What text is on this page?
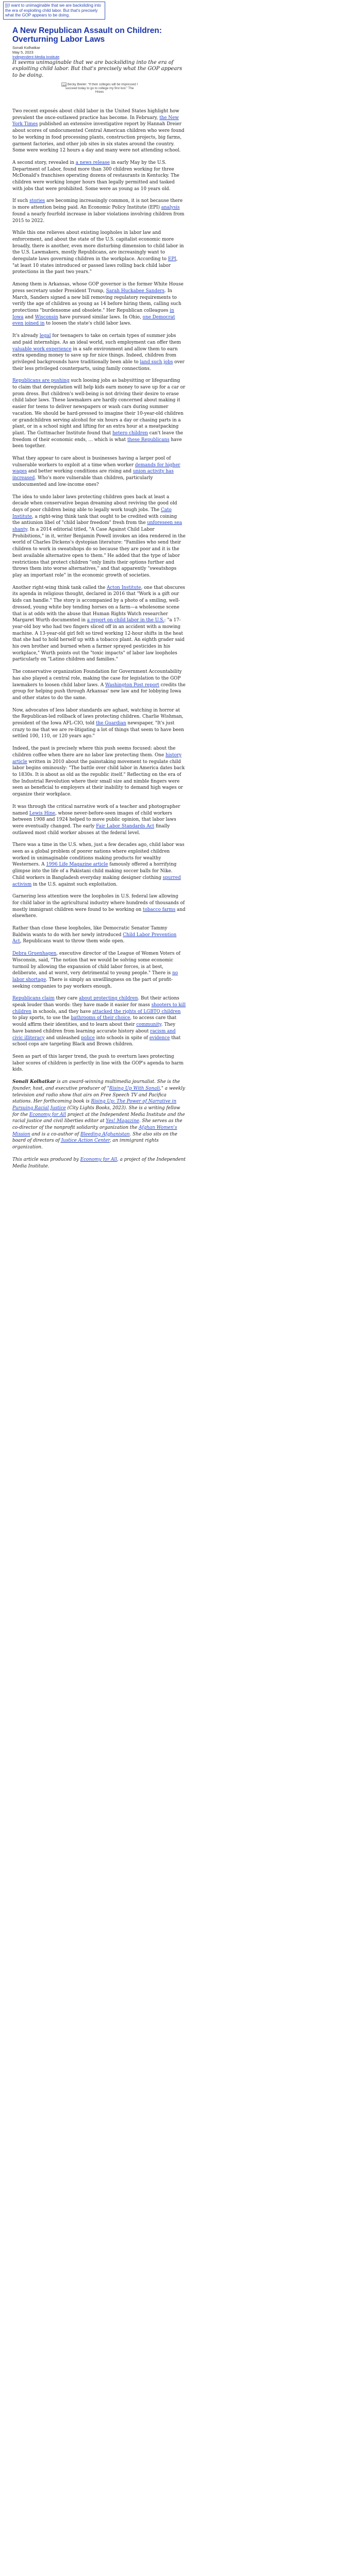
[[(I want to unimaginable that we are backsliding into the era of exploiting child labor. But that's precisely what the GOP appears to be doing.
A New Republican Assault on Children: Overturning Labor Laws
Sonali Kolhatkar
May 5, 2023
Independent Media Institute

It seems unimaginable that we are backsliding into the era of exploiting child labor. But that's precisely what the GOP appears to be doing.

Becky Beeler: “If their colleges will be impressed I succeed today to go to college my first lost.” The Hrees

Two recent exposés about child labor in the United States highlight how prevalent the once-outlawed practice has become. In February, the New York Times published an extensive investigative report by Hannah Dreier about scores of undocumented Central American children who were found to be working in food processing plants, construction projects, big farms, garment factories, and other job sites in six states around the country. Some were working 12 hours a day and many were not attending school.

A second story, revealed in a news release in early May by the U.S. Department of Labor, found more than 300 children working for three McDonald's franchises operating dozens of restaurants in Kentucky. The children were working longer hours than legally permitted and tasked with jobs that were prohibited. Some were as young as 10 years old.

If such stories are becoming increasingly common, it is not because there is more attention being paid. An Economic Policy Institute (EPI) analysis found a nearly fourfold increase in labor violations involving children from 2015 to 2022.

While this one relieves about existing loopholes in labor law and enforcement, and about the state of the U.S. capitalist economic more broadly, there is another, even more disturbing dimension to child labor in the U.S. Lawmakers, mostly Republicans, are increasingly want to deregulate laws governing children in the workplace. According to EPI, "at least 10 states introduced or passed laws rolling back child labor protections in the past two years."

Among them is Arkansas, whose GOP governor is the former White House press secretary under President Trump, Sarah Huckabee Sanders. In March, Sanders signed a new bill removing regulatory requirements to verify the age of children as young as 14 before hiring them, calling such protections "burdensome and obsolete." Her Republican colleagues in Iowa and Wisconsin have pursued similar laws. In Ohio, one Democrat even joined in to loosen the state's child labor laws.

It's already legal for teenagers to take on certain types of summer jobs and paid internships. As an ideal world, such employment can offer them valuable work experience in a safe environment and allow them to earn extra spending money to save up for nice things. Indeed, children from privileged backgrounds have traditionally been able to land such jobs over their less privileged counterparts, using family connections.

Republicans are pushing such loosing jobs as babysitting or lifeguarding to claim that deregulation will help kids earn money to save up for a car or prom dress. But children's well-being is not driving their desire to erase child labor laws. These lawmakers are hardly concerned about making it easier for teens to deliver newspapers or wash cars during summer vacation. We should be hard-pressed to imagine their 10-year-old children or grandchildren serving alcohol for six hours a day or chasing parts in a plant, or in a school night and lifting for an extra hour at a meatpacking plant. The Guttmacher Institute found that hetero children can't leave the freedom of their economic ends, ... which is what these Republicans have been together.

What they appear to care about is businesses having a larger pool of vulnerable workers to exploit at a time when worker demands for higher wages and better working conditions are rising and union activity has increased. Who's more vulnerable than children, particularly undocumented and low-income ones?

The idea to undo labor laws protecting children goes back at least a decade when conservative began dreaming about reviving the good old days of poor children being able to legally work tough jobs. The Cato Institute, a right-wing think tank that ought to be credited with coining the antiunion libel of "child labor freedom" fresh from the unforeseen sea shanty. In a 2014 editorial titled, "A Case Against Child Labor Prohibitions," in it, writer Benjamin Powell invokes an idea rendered in the world of Charles Dickens's dystopian literature: "Families who send their children to work in sweatshops do so because they are poor and it is the best available alternative open to them." He added that the type of labor restrictions that protect children "only limits their options further and throws them into worse alternatives," and that apparently "sweatshops play an important role" in the economic growth of societies.

Another right-wing think tank called the Acton Institute, one that obscures its agenda in religious thought, declared in 2016 that "Work is a gift our kids can handle." The story is accompanied by a photo of a smiling, well-dressed, young white boy tending horses on a farm—a wholesome scene that is at odds with the abuse that Human Rights Watch researcher Margaret Wurth documented in a report on child labor in the U.S.: "a 17-year-old boy who had two fingers sliced off in an accident with a mowing machine. A 13-year-old girl felt so tired working 12-hour shifts in the heat that she had to hold herself up with a tobacco plant. An eighth grader said his own brother and burned when a farmer sprayed pesticides in his workplace," Wurth points out the "toxic impacts" of labor law loopholes particularly on "Latino children and families."

The conservative organization Foundation for Government Accountability has also played a central role, making the case for legislation to the GOP lawmakers to loosen child labor laws. A Washington Post report credits the group for helping push through Arkansas' new law and for lobbying Iowa and other states to do the same.

Now, advocates of less labor standards are aghast, watching in horror at the Republican-led rollback of laws protecting children. Charlie Wishman, president of the Iowa AFL-CIO, told the Guardian newspaper, "It's just crazy to me that we are re-litigating a lot of things that seem to have been settled 100, 110, or 120 years ago."

Indeed, the past is precisely where this push seems focused: about the children coffee when there are no labor law protecting them. One history article written in 2010 about the painstaking movement to regulate child labor begins ominously: "The battle over child labor in America dates back to 1830s. It is about as old as the republic itself." Reflecting on the era of the Industrial Revolution where their small size and nimble fingers were seen as beneficial to employers at their inability to demand high wages or organize their workplace.

It was through the critical narrative work of a teacher and photographer named Lewis Hine, whose never-before-seen images of child workers between 1908 and 1924 helped to move public opinion, that labor laws were eventually changed. The early Fair Labor Standards Act finally outlawed most child worker abuses at the federal level.

There was a time in the U.S. when, just a few decades ago, child labor was seen as a global problem of poorer nations where exploited children worked in unimaginable conditions making products for wealthy Westerners. A 1996 Life Magazine article famously offered a horrifying glimpse into the life of a Pakistani child making soccer balls for Nike. Child workers in Bangladesh everyday making designer clothing spurred activism in the U.S. against such exploitation.

Garnering less attention were the loopholes in U.S. federal law allowing for child labor in the agricultural industry where hundreds of thousands of mostly immigrant children were found to be working on tobacco farms and elsewhere.

Rather than close these loopholes, like Democratic Senator Tammy Baldwin wants to do with her newly introduced Child Labor Prevention Act, Republicans want to throw them wide open.

Debra Gruenhagen, executive director of the League of Women Voters of Wisconsin, said, "The notion that we would be solving some economic turmoil by allowing the expansion of child labor forces, is at best, deliberate, and at worst, very detrimental to young people." There is no labor shortage. There is simply an unwillingness on the part of profit-seeking companies to pay workers enough.

Republicans claim they care about protecting children. But their actions speak louder than words: they have made it easier for mass shooters to kill children in schools, and they have attacked the rights of LGBTQ children to play sports, to use the bathrooms of their choice, to access care that would affirm their identities, and to learn about their community. They have banned children from learning accurate history about racism and civic illiteracy and unleashed police into schools in spite of evidence that school cops are targeting Black and Brown children.

Seen as part of this larger trend, the push to overturn laws protecting labor scores of children is perfectly in line with the GOP's agenda to harm kids.

Sonali Kolhatkar is an award-winning multimedia journalist. She is the founder, host, and executive producer of "Rising Up With Sonali," a weekly television and radio show that airs on Free Speech TV and Pacifica stations. Her forthcoming book is Rising Up: The Power of Narrative in Pursuing Racial Justice (City Lights Books, 2023). She is a writing fellow for the Economy for All project at the Independent Media Institute and the racial justice and civil liberties editor at Yes! Magazine. She serves as the co-director of the nonprofit solidarity organization the Afghan Women's Mission and is a co-author of Bleeding Afghanistan. She also sits on the board of directors of Justice Action Center, an immigrant rights organization.

This article was produced by Economy for All, a project of the Independent Media Institute.
